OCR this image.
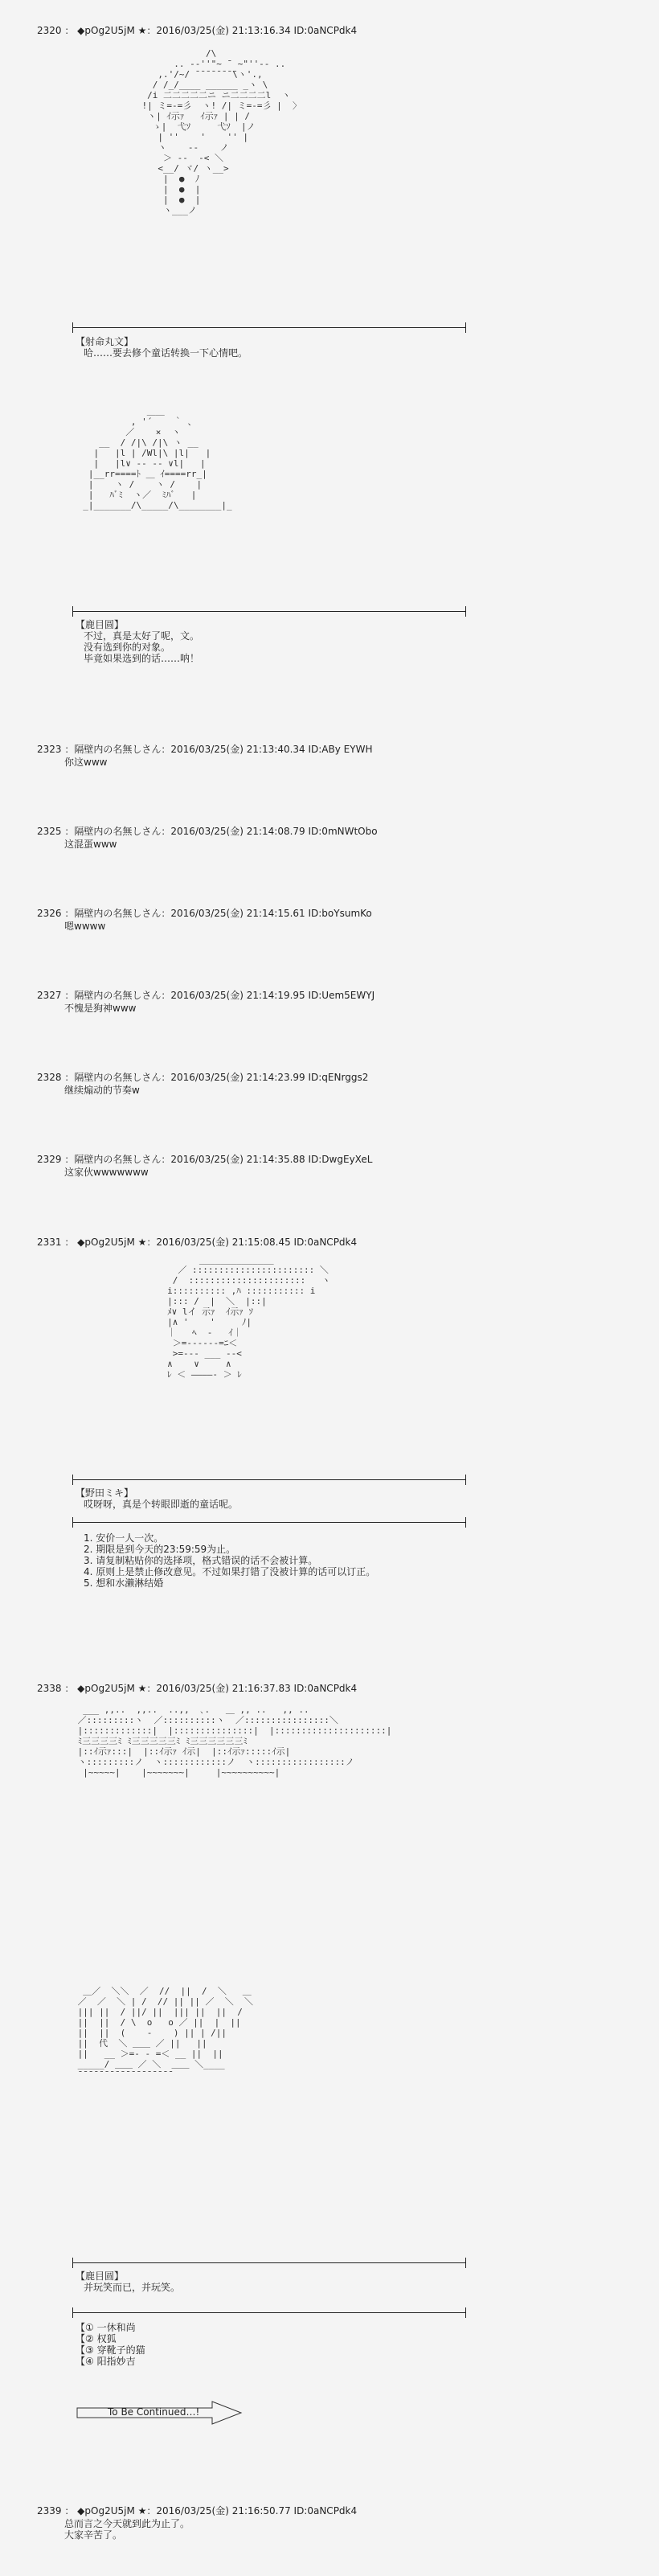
2320 ： ◆pOg2U5jM ★：2016/03/25(金) 21:13:16.34 ID:0aNCPdk4
/\
.. -‐''"~ ̄  ~"''‐- ..
,.'/~/ ̄ ̄ ̄ ̄ ̄ ̄ ̄ ̄\ヽ'.,
/ /_/____ ______ _ヽ \
/i 二二二二二ニ ニ二二二二l  ヽ
!| ミ=-=彡  ヽ! /| ミ=-=彡 |  〉
ヽ| ｲ示ｧ   ｲ示ｧ | | /
ゝ|  弋ｿ     弋ｿ  |ノ
| ''    '    '' |
ヽ    ‐‐    ノ
＞ -‐  ‐< ＼
<__/ ヾ/ ヽ__>
|  ●  ﾉ
|  ●  |
|  ●  |
ヽ___ノ
【射命丸文】
哈……要去修个童话转换一下心情吧。
＿＿
, '´    ｀ 、
／    ×  ヽ
__  / /|\ /|\ ヽ __
|   |l | /Wl|\ |l|   |
|   |l∨ ‐‐ ‐‐ ∨l|   |
|__rr====ﾄ ＿ ｲ====rr_|
|    ヽ /    ヽ /    |
|   ﾊﾞﾐ  ヽ／  ﾐﾊﾞ   |
_|_______/\_____/\________|_
【鹿目圆】
不过，真是太好了呢，文。
没有选到你的对象。
毕竟如果选到的话……呐！
2323 ：隔壁内の名無しさん：2016/03/25(金) 21:13:40.34 ID:ABy EYWH
你这www
2325 ：隔壁内の名無しさん：2016/03/25(金) 21:14:08.79 ID:0mNWtObo
这混蛋www
2326 ：隔壁内の名無しさん：2016/03/25(金) 21:14:15.61 ID:boYsumKo
嗯wwww
2327 ：隔壁内の名無しさん：2016/03/25(金) 21:14:19.95 ID:Uem5EWYJ
不愧是狗神www
2328 ：隔壁内の名無しさん：2016/03/25(金) 21:14:23.99 ID:qENrggs2
继续煽动的节奏w
2329 ：隔壁内の名無しさん：2016/03/25(金) 21:14:35.88 ID:DwgEyXeL
这家伙wwwwwww
2331 ： ◆pOg2U5jM ★：2016/03/25(金) 21:15:08.45 ID:0aNCPdk4
______________
／ ::::::::::::::::::::::: ＼
/  ::::::::::::::::::::::   ヽ
i:::::::::: ,ﾊ ::::::::::: i
|::: /  |  ＼  |::|
ﾒ∨ lイ 示ｧ  ｲ示ｧ ｿ
|∧ '    '     ﾉ|
｜   ﾍ  ‐   ｲ｜
＞=‐----‐=ﾆ＜
>=‐-- ___ --<
∧    ∨     ∧
ﾚ ＜ ――――‐ ＞ ﾚ
【野田ミキ】
哎呀呀，真是个转眼即逝的童话呢。
1. 安价一人一次。
2. 期限是到今天的23:59:59为止。
3. 请复制粘贴你的选择项，格式错误的话不会被计算。
4. 原则上是禁止修改意见。不过如果打错了没被计算的话可以订正。
5. 想和水濑淋结婚
2338 ： ◆pOg2U5jM ★：2016/03/25(金) 21:16:37.83 ID:0aNCPdk4
___ ,,..  ,,..  ..,,  ､.   ＿ ,, ..   ,, ..
／:::::::::ヽ  ／::::::::::ヽ  ／::::::::::::::::＼
|:::::::::::::|  |:::::::::::::::|  |:::::::::::::::::::::|
ﾐ三三三三ﾐ ﾐ三三三三三ﾐ ﾐ三三三三三三ﾐ
|::ｲ示ｧ:::|  |::ｲ示ｧ ｲ示|  |::ｲ示ｧ:::::ｲ示|
ヽ:::::::::ノ  ヽ::::::::::::ノ  ヽ:::::::::::::::::ノ
|~~~~~|    |~~~~~~~|     |~~~~~~~~~~|
＿／  ＼＼  ／  //  ||  /  ＼   ＿
／  ／  ＼ | /  // || || ／  ＼  ＼
||| ||  / ||/ ||  ||| ||  ||  /
||  ||  / \  o   o ／ ||  |  ||
||  ||  (    ‐    ) || | /||
||  代  ＼ ＿＿ ／ ||   ||
||   __ ＞=- - =＜ __ ||  ||
_____/ ＿＿ ／ ＼  ＿＿ ＼____
̄ ̄ ̄ ̄ ̄ ̄ ̄ ̄ ̄ ̄ ̄ ̄ ̄ ̄ ̄ ̄ ̄ ̄
【鹿目圆】
并玩笑而已，并玩笑。
【① 一休和尚
【② 权狐
【③ 穿靴子的猫
【④ 阳指妙吉
To Be Continued…!
2339 ： ◆pOg2U5jM ★：2016/03/25(金) 21:16:50.77 ID:0aNCPdk4
总而言之今天就到此为止了。
大家辛苦了。
